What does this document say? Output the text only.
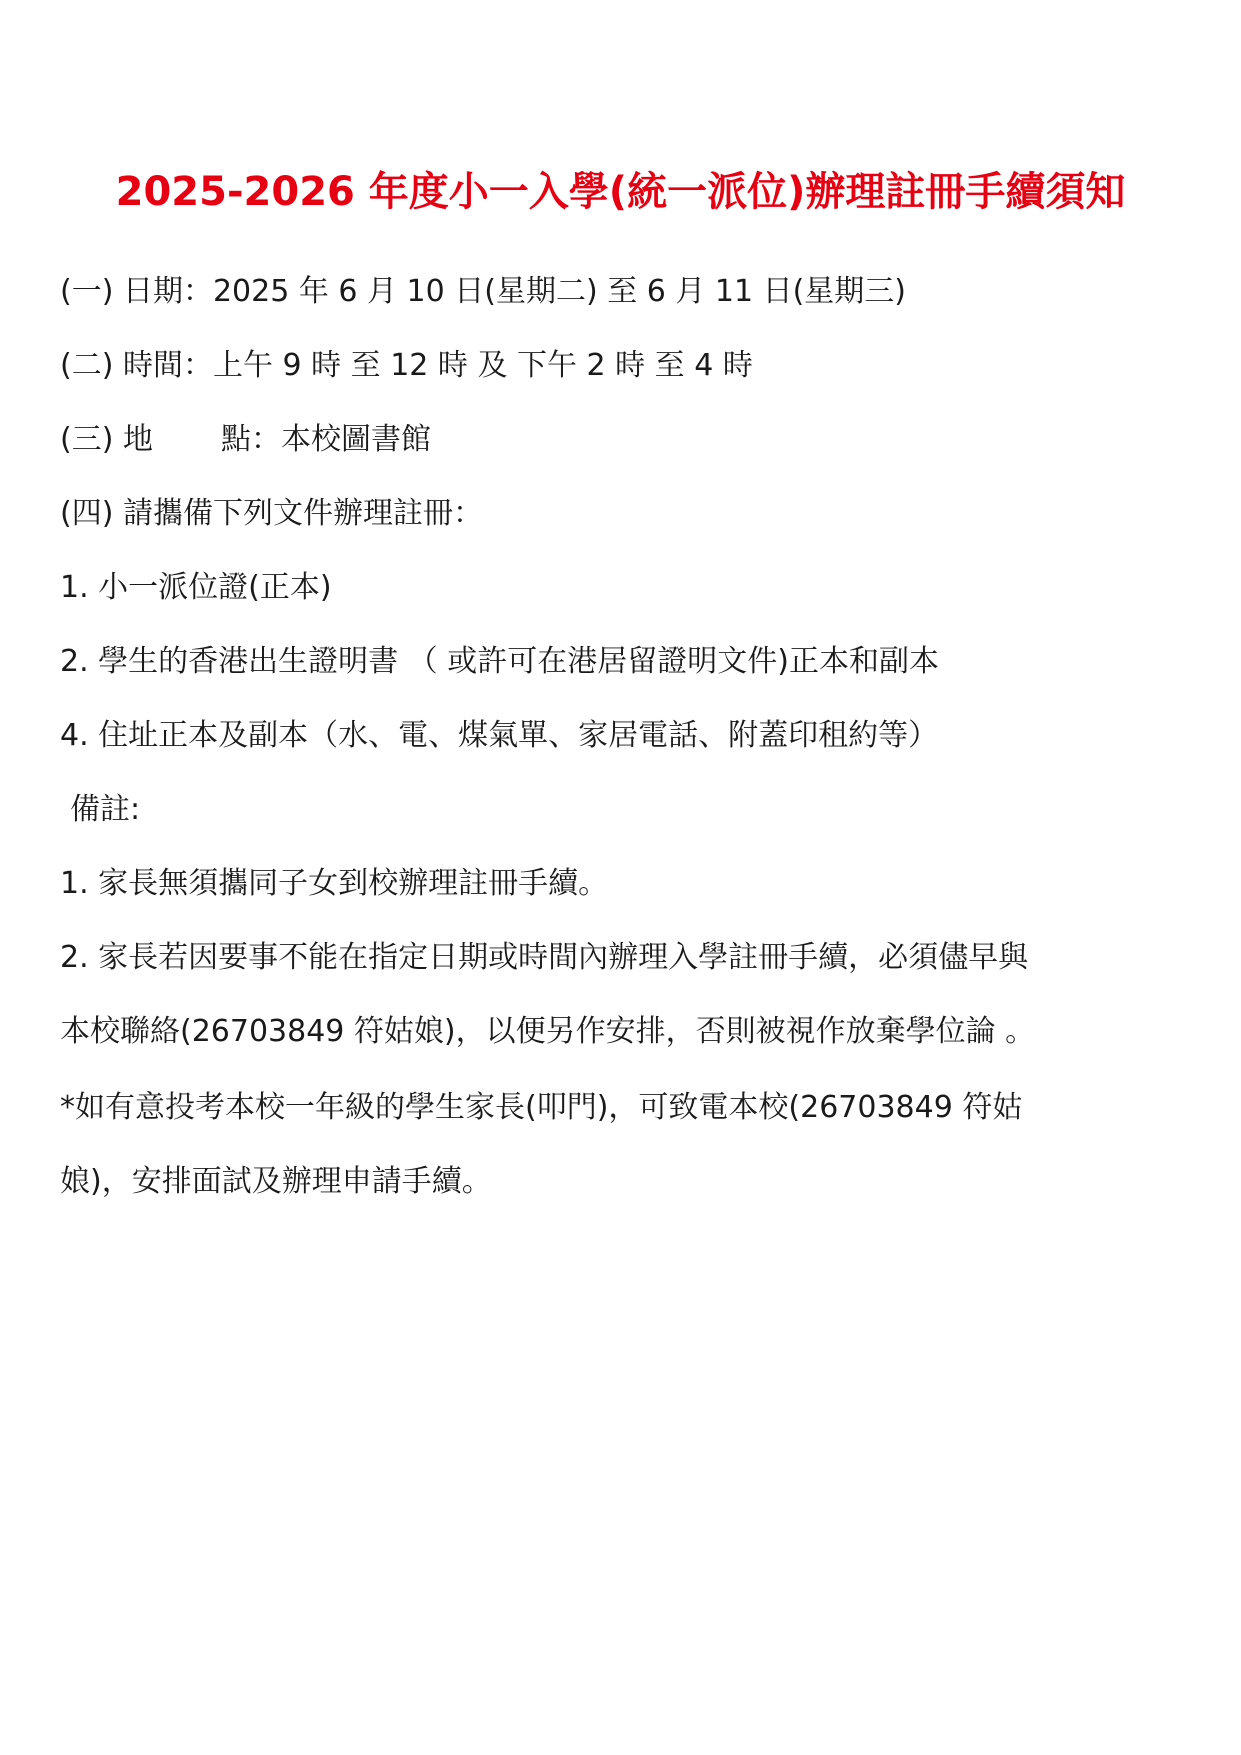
2025-2026 年度小一入學(統一派位)辦理註冊手續須知
(一) 日期：2025 年 6 月 10 日(星期二) 至 6 月 11 日(星期三)
(二) 時間：上午 9 時 至 12 時 及 下午 2 時 至 4 時
(三) 地 點：本校圖書館
(四) 請攜備下列文件辦理註冊：
1. 小一派位證(正本)
2. 學生的香港出生證明書 （ 或許可在港居留證明文件)正本和副本
4. 住址正本及副本（水、電、煤氣單、家居電話、附蓋印租約等）
備註:
1. 家長無須攜同子女到校辦理註冊手續。
2. 家長若因要事不能在指定日期或時間內辦理入學註冊手續，必須儘早與
本校聯絡(26703849 符姑娘)，以便另作安排，否則被視作放棄學位論 。
*如有意投考本校一年級的學生家長(叩門)，可致電本校(26703849 符姑
娘)，安排面試及辦理申請手續。
